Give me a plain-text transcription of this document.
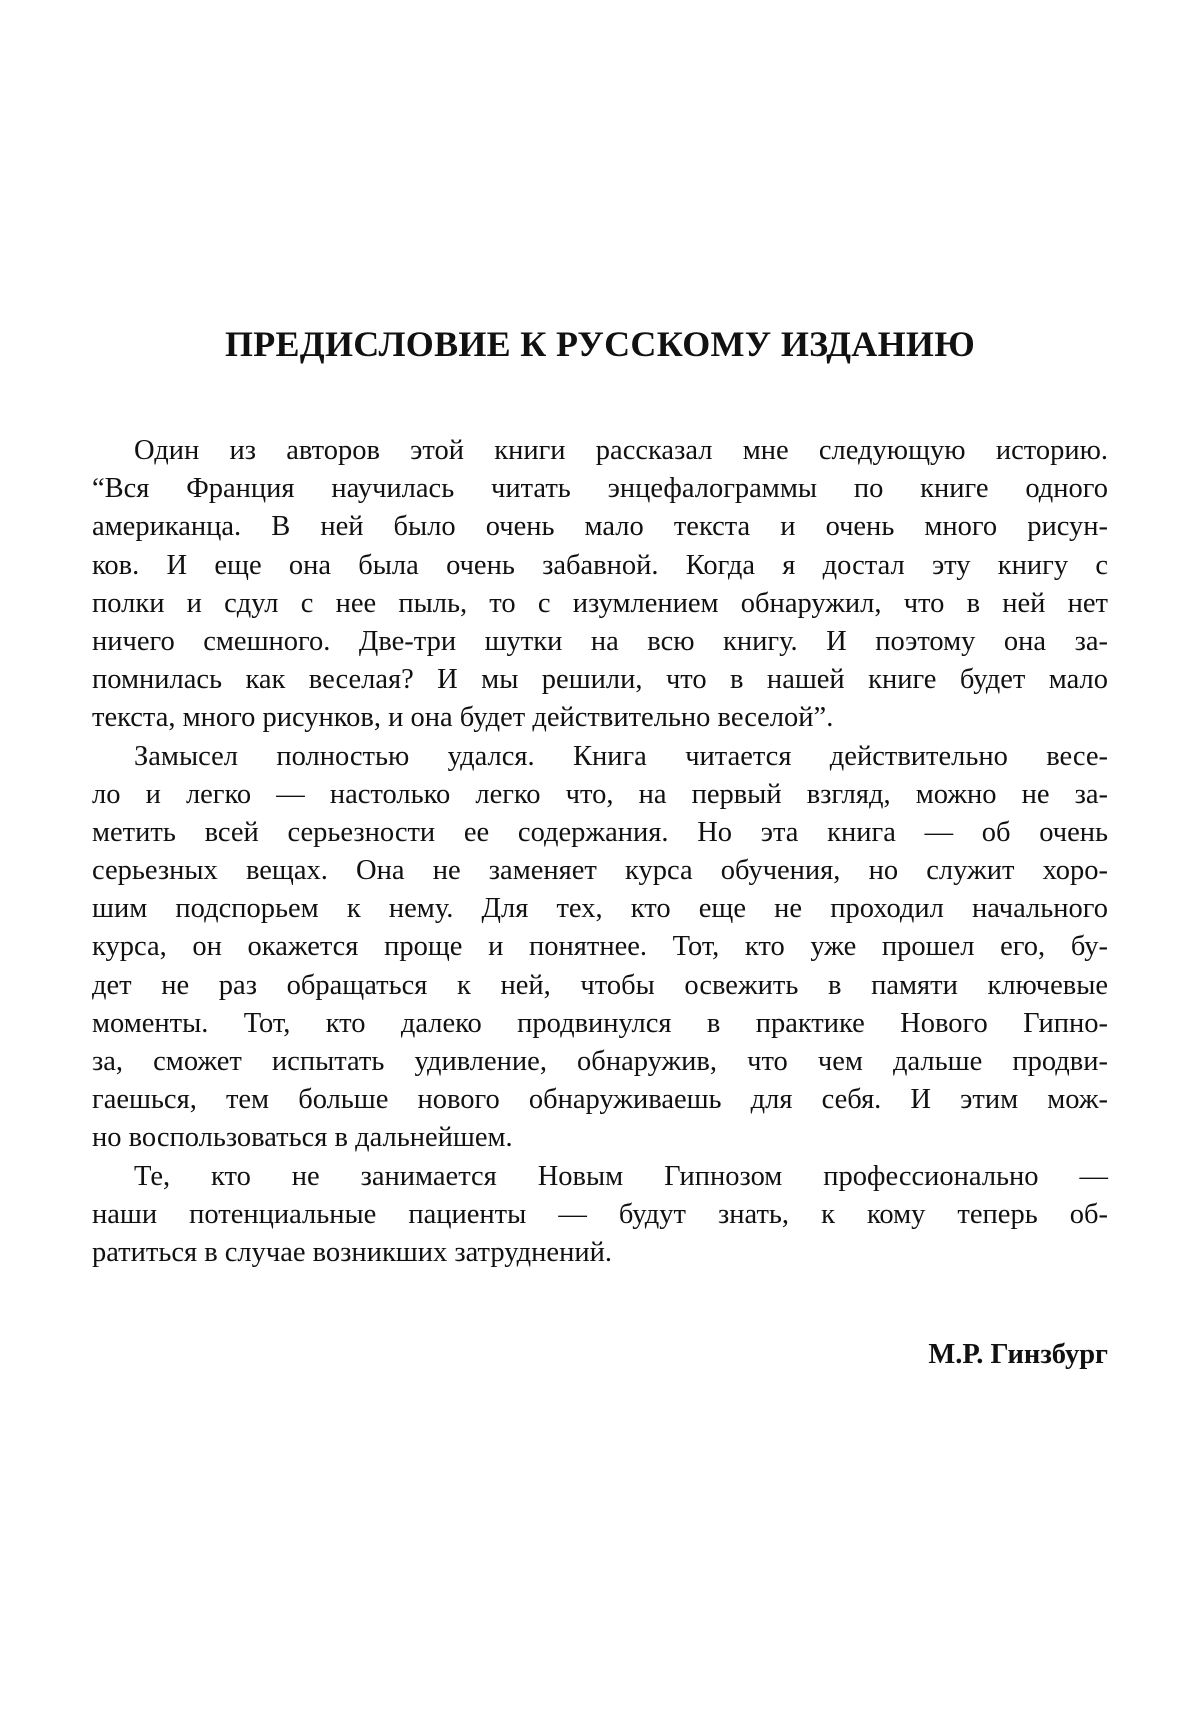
ПРЕДИСЛОВИЕ К РУССКОМУ ИЗДАНИЮ
Один из авторов этой книги рассказал мне следующую историю.
“Вся Франция научилась читать энцефалограммы по книге одного
американца. В ней было очень мало текста и очень много рисун-
ков. И еще она была очень забавной. Когда я достал эту книгу с
полки и сдул с нее пыль, то с изумлением обнаружил, что в ней нет
ничего смешного. Две-три шутки на всю книгу. И поэтому она за-
помнилась как веселая? И мы решили, что в нашей книге будет мало
текста, много рисунков, и она будет действительно веселой”.
Замысел полностью удался. Книга читается действительно весе-
ло и легко — настолько легко что, на первый взгляд, можно не за-
метить всей серьезности ее содержания. Но эта книга — об очень
серьезных вещах. Она не заменяет курса обучения, но служит хоро-
шим подспорьем к нему. Для тех, кто еще не проходил начального
курса, он окажется проще и понятнее. Тот, кто уже прошел его, бу-
дет не раз обращаться к ней, чтобы освежить в памяти ключевые
моменты. Тот, кто далеко продвинулся в практике Нового Гипно-
за, сможет испытать удивление, обнаружив, что чем дальше продви-
гаешься, тем больше нового обнаруживаешь для себя. И этим мож-
но воспользоваться в дальнейшем.
Те, кто не занимается Новым Гипнозом профессионально —
наши потенциальные пациенты — будут знать, к кому теперь об-
ратиться в случае возникших затруднений.

М.Р. Гинзбург
